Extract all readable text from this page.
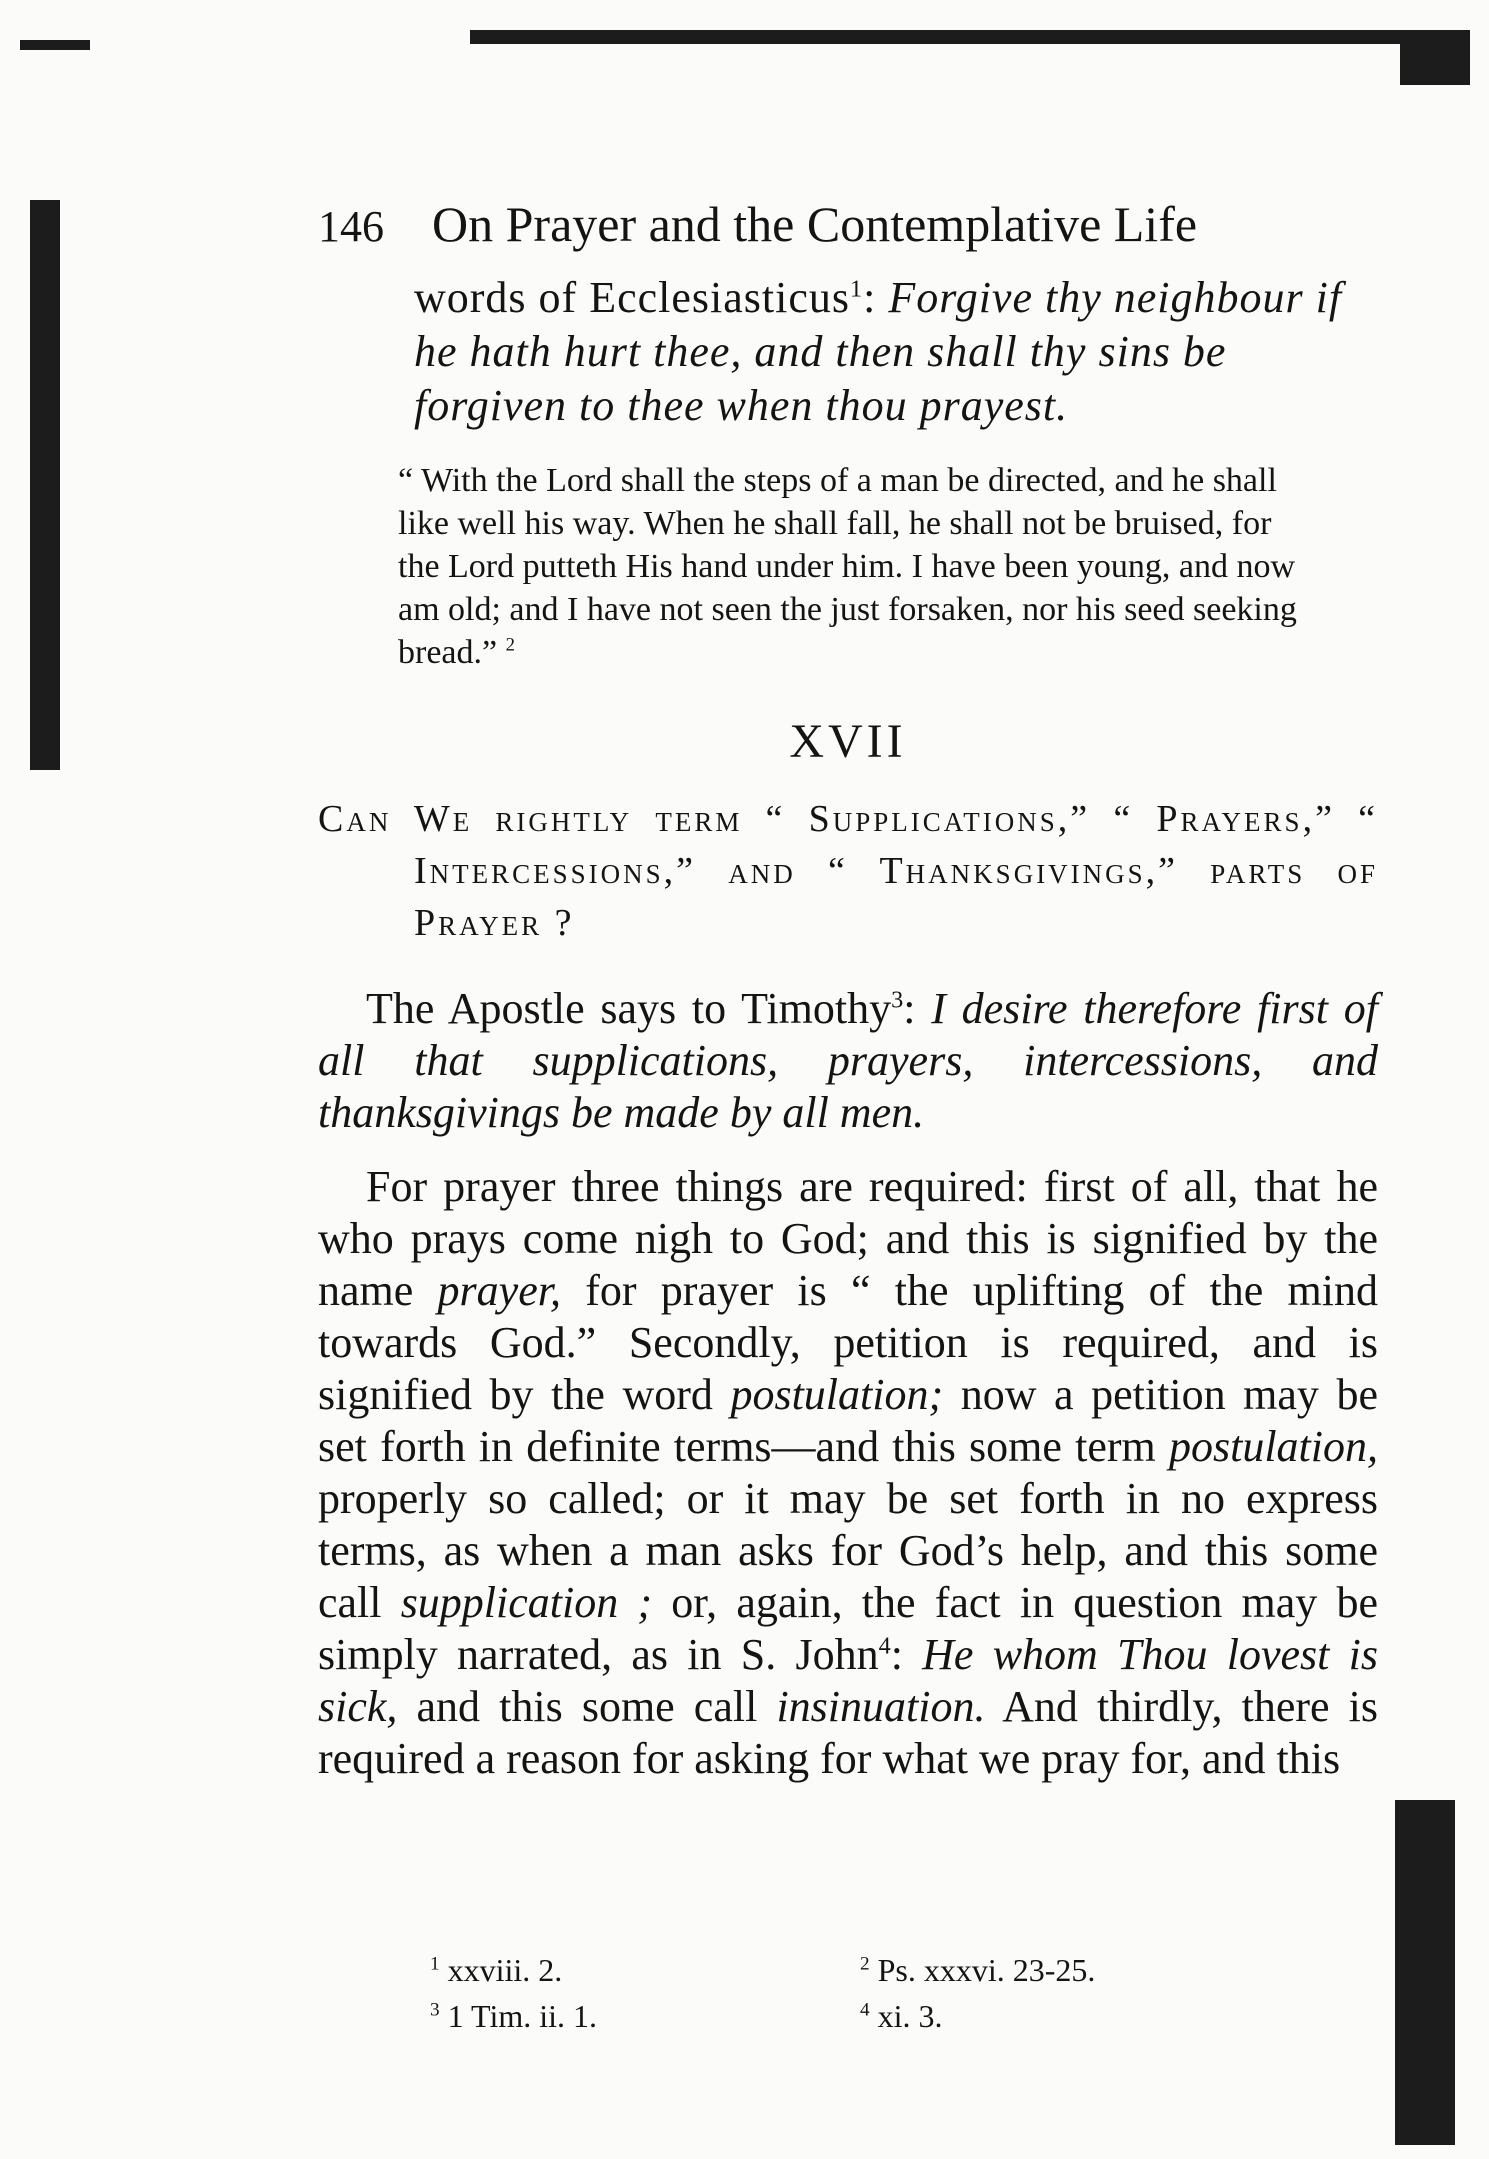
146 On Prayer and the Contemplative Life

words of Ecclesiasticus$^1$: Forgive thy neighbour if he hath hurt thee, and then shall thy sins be forgiven to thee when thou prayest.

“ With the Lord shall the steps of a man be directed, and he shall like well his way. When he shall fall, he shall not be bruised, for the Lord putteth His hand under him. I have been young, and now am old; and I have not seen the just forsaken, nor his seed seeking bread.” $^2$

XVII
Can We rightly term “ Supplications,” “ Prayers,” “ Intercessions,” and “ Thanksgivings,” parts of Prayer ?

The Apostle says to Timothy$^3$: I desire therefore first of all that supplications, prayers, intercessions, and thanksgivings be made by all men.

For prayer three things are required: first of all, that he who prays come nigh to God; and this is signified by the name prayer, for prayer is “ the uplifting of the mind towards God.” Secondly, petition is required, and is signified by the word postulation; now a petition may be set forth in definite terms—and this some term postulation, properly so called; or it may be set forth in no express terms, as when a man asks for God’s help, and this some call supplication ; or, again, the fact in question may be simply narrated, as in S. John$^4$: He whom Thou lovest is sick, and this some call insinuation. And thirdly, there is required a reason for asking for what we pray for, and this

$^1$ xxviii. 2.	$^2$ Ps. xxxvi. 23-25.
$^3$ 1 Tim. ii. 1.	$^4$ xi. 3.
